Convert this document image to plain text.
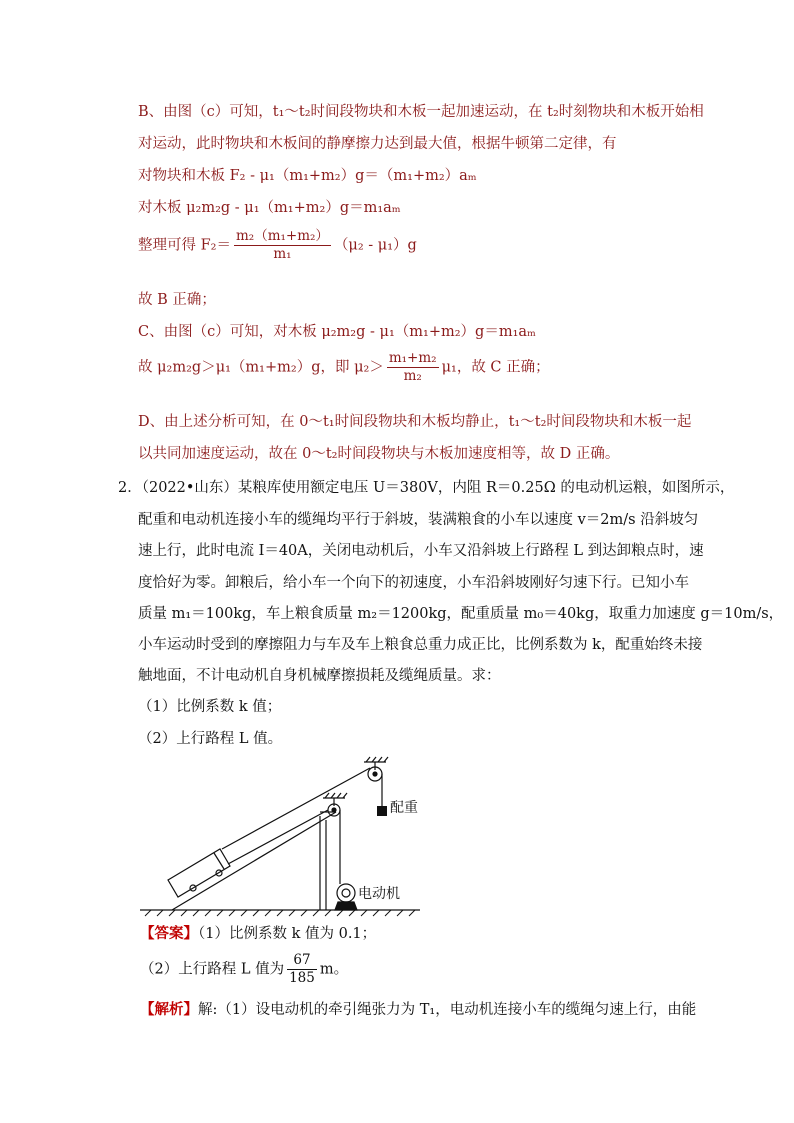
B、由图（c）可知，t₁～t₂时间段物块和木板一起加速运动，在 t₂时刻物块和木板开始相
对运动，此时物块和木板间的静摩擦力达到最大值，根据牛顿第二定律，有
对物块和木板 F₂ - μ₁（m₁+m₂）g＝（m₁+m₂）aₘ
对木板 μ₂m₂g - μ₁（m₁+m₂）g＝m₁aₘ
整理可得 $F_2= \frac{\text{m₂（m₁+m₂）}}{\text{m₁}} (\mu_2 - \mu_1)g$
故 B 正确；
C、由图（c）可知，对木板 μ₂m₂g - μ₁（m₁+m₂）g＝m₁aₘ
故 μ₂m₂g＞μ₁（m₁+m₂）g，即 $\mu_2> \frac{\text{m₁+m₂}}{\text{m₂}} \mu_1$，故 C 正确；
D、由上述分析可知，在 0～t₁时间段物块和木板均静止，t₁～t₂时间段物块和木板一起
以共同加速度运动，故在 0～t₂时间段物块与木板加速度相等，故 D 正确。
2．（2022•山东）某粮库使用额定电压 U＝380V，内阻 R＝0.25Ω 的电动机运粮，如图所示，
配重和电动机连接小车的缆绳均平行于斜坡，装满粮食的小车以速度 v＝2m/s 沿斜坡匀
速上行，此时电流 I＝40A，关闭电动机后，小车又沿斜坡上行路程 L 到达卸粮点时，速
度恰好为零。卸粮后，给小车一个向下的初速度，小车沿斜坡刚好匀速下行。已知小车
质量 m₁＝100kg，车上粮食质量 m₂＝1200kg，配重质量 m₀＝40kg，取重力加速度 g＝10m/s，
小车运动时受到的摩擦阻力与车及车上粮食总重力成正比，比例系数为 k，配重始终未接
触地面，不计电动机自身机械摩擦损耗及缆绳质量。求：
（1）比例系数 k 值；
（2）上行路程 L 值。
配重
电动机
【答案】（1）比例系数 k 值为 0.1；
（2）上行路程 L 值为 $\frac{67}{185}$ m。
【解析】解:（1）设电动机的牵引绳张力为 T₁，电动机连接小车的缆绳匀速上行，由能
